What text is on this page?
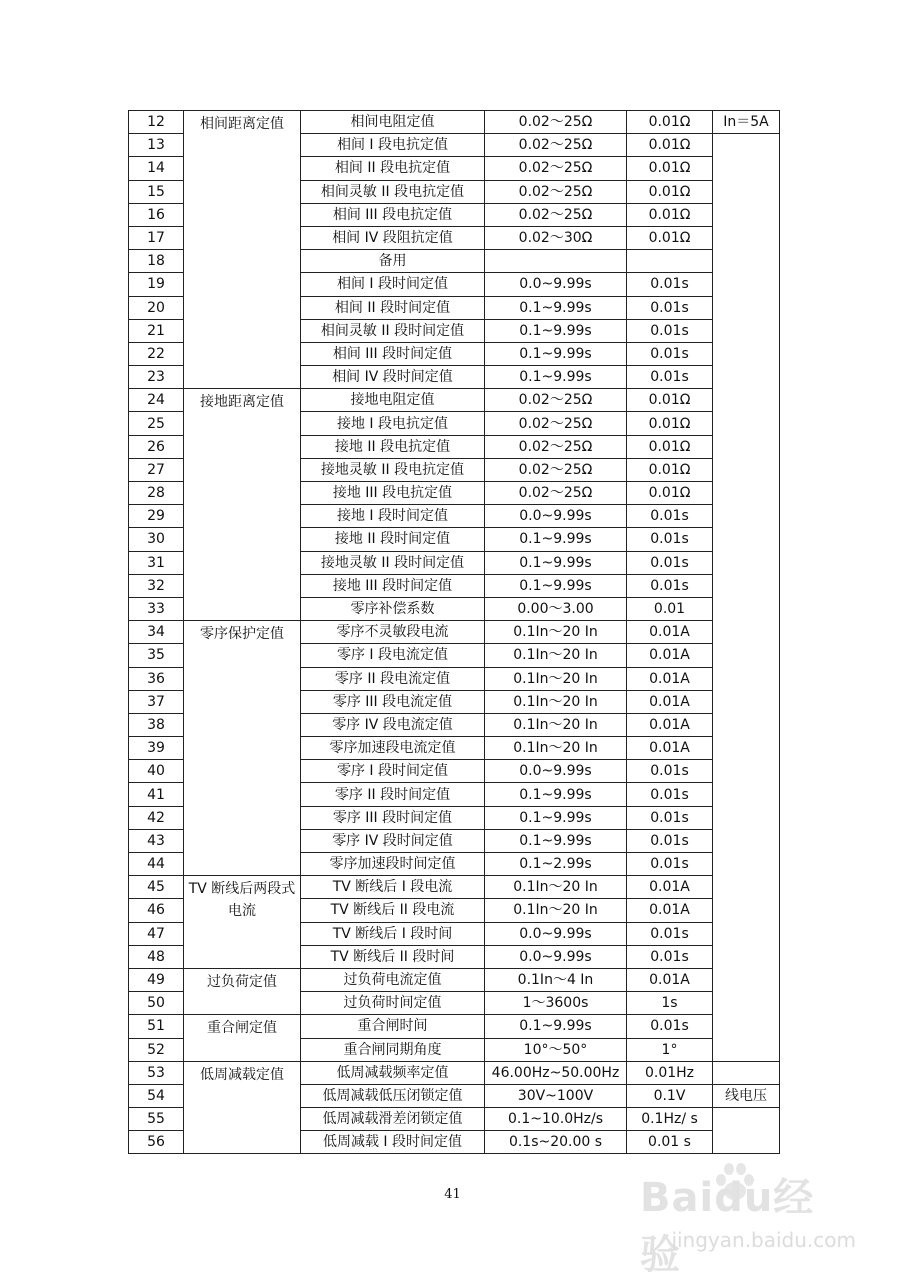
12	相间距离定值	相间电阻定值	0.02～25Ω	0.01Ω	In＝5A
13		相间 I 段电抗定值	0.02～25Ω	0.01Ω	
14		相间 II 段电抗定值	0.02～25Ω	0.01Ω	
15		相间灵敏 II 段电抗定值	0.02～25Ω	0.01Ω	
16		相间 III 段电抗定值	0.02～25Ω	0.01Ω	
17		相间 IV 段阻抗定值	0.02～30Ω	0.01Ω	
18		备用			
19		相间 I 段时间定值	0.0~9.99s	0.01s	
20		相间 II 段时间定值	0.1~9.99s	0.01s	
21		相间灵敏 II 段时间定值	0.1~9.99s	0.01s	
22		相间 III 段时间定值	0.1~9.99s	0.01s	
23		相间 IV 段时间定值	0.1~9.99s	0.01s	
24	接地距离定值	接地电阻定值	0.02～25Ω	0.01Ω	
25		接地 I 段电抗定值	0.02～25Ω	0.01Ω	
26		接地 II 段电抗定值	0.02～25Ω	0.01Ω	
27		接地灵敏 II 段电抗定值	0.02～25Ω	0.01Ω	
28		接地 III 段电抗定值	0.02～25Ω	0.01Ω	
29		接地 I 段时间定值	0.0~9.99s	0.01s	
30		接地 II 段时间定值	0.1~9.99s	0.01s	
31		接地灵敏 II 段时间定值	0.1~9.99s	0.01s	
32		接地 III 段时间定值	0.1~9.99s	0.01s	
33		零序补偿系数	0.00～3.00	0.01	
34	零序保护定值	零序不灵敏段电流	0.1In～20 In	0.01A	
35		零序 I 段电流定值	0.1In～20 In	0.01A	
36		零序 II 段电流定值	0.1In～20 In	0.01A	
37		零序 III 段电流定值	0.1In～20 In	0.01A	
38		零序 IV 段电流定值	0.1In～20 In	0.01A	
39		零序加速段电流定值	0.1In～20 In	0.01A	
40		零序 I 段时间定值	0.0~9.99s	0.01s	
41		零序 II 段时间定值	0.1~9.99s	0.01s	
42		零序 III 段时间定值	0.1~9.99s	0.01s	
43		零序 IV 段时间定值	0.1~9.99s	0.01s	
44		零序加速段时间定值	0.1~2.99s	0.01s	
45	TV 断线后两段式电流	TV 断线后 I 段电流	0.1In～20 In	0.01A	
46		TV 断线后 II 段电流	0.1In～20 In	0.01A	
47		TV 断线后 I 段时间	0.0~9.99s	0.01s	
48		TV 断线后 II 段时间	0.0~9.99s	0.01s	
49	过负荷定值	过负荷电流定值	0.1In～4 In	0.01A	
50		过负荷时间定值	1～3600s	1s	
51	重合闸定值	重合闸时间	0.1~9.99s	0.01s	
52		重合闸同期角度	10°～50°	1°	
53	低周减载定值	低周减载频率定值	46.00Hz~50.00Hz	0.01Hz	
54		低周减载低压闭锁定值	30V~100V	0.1V	线电压
55		低周减载滑差闭锁定值	0.1~10.0Hz/s	0.1Hz/ s	
56		低周减载 I 段时间定值	0.1s~20.00 s	0.01 s	
41	Baidu经验
jingyan.baidu.com
